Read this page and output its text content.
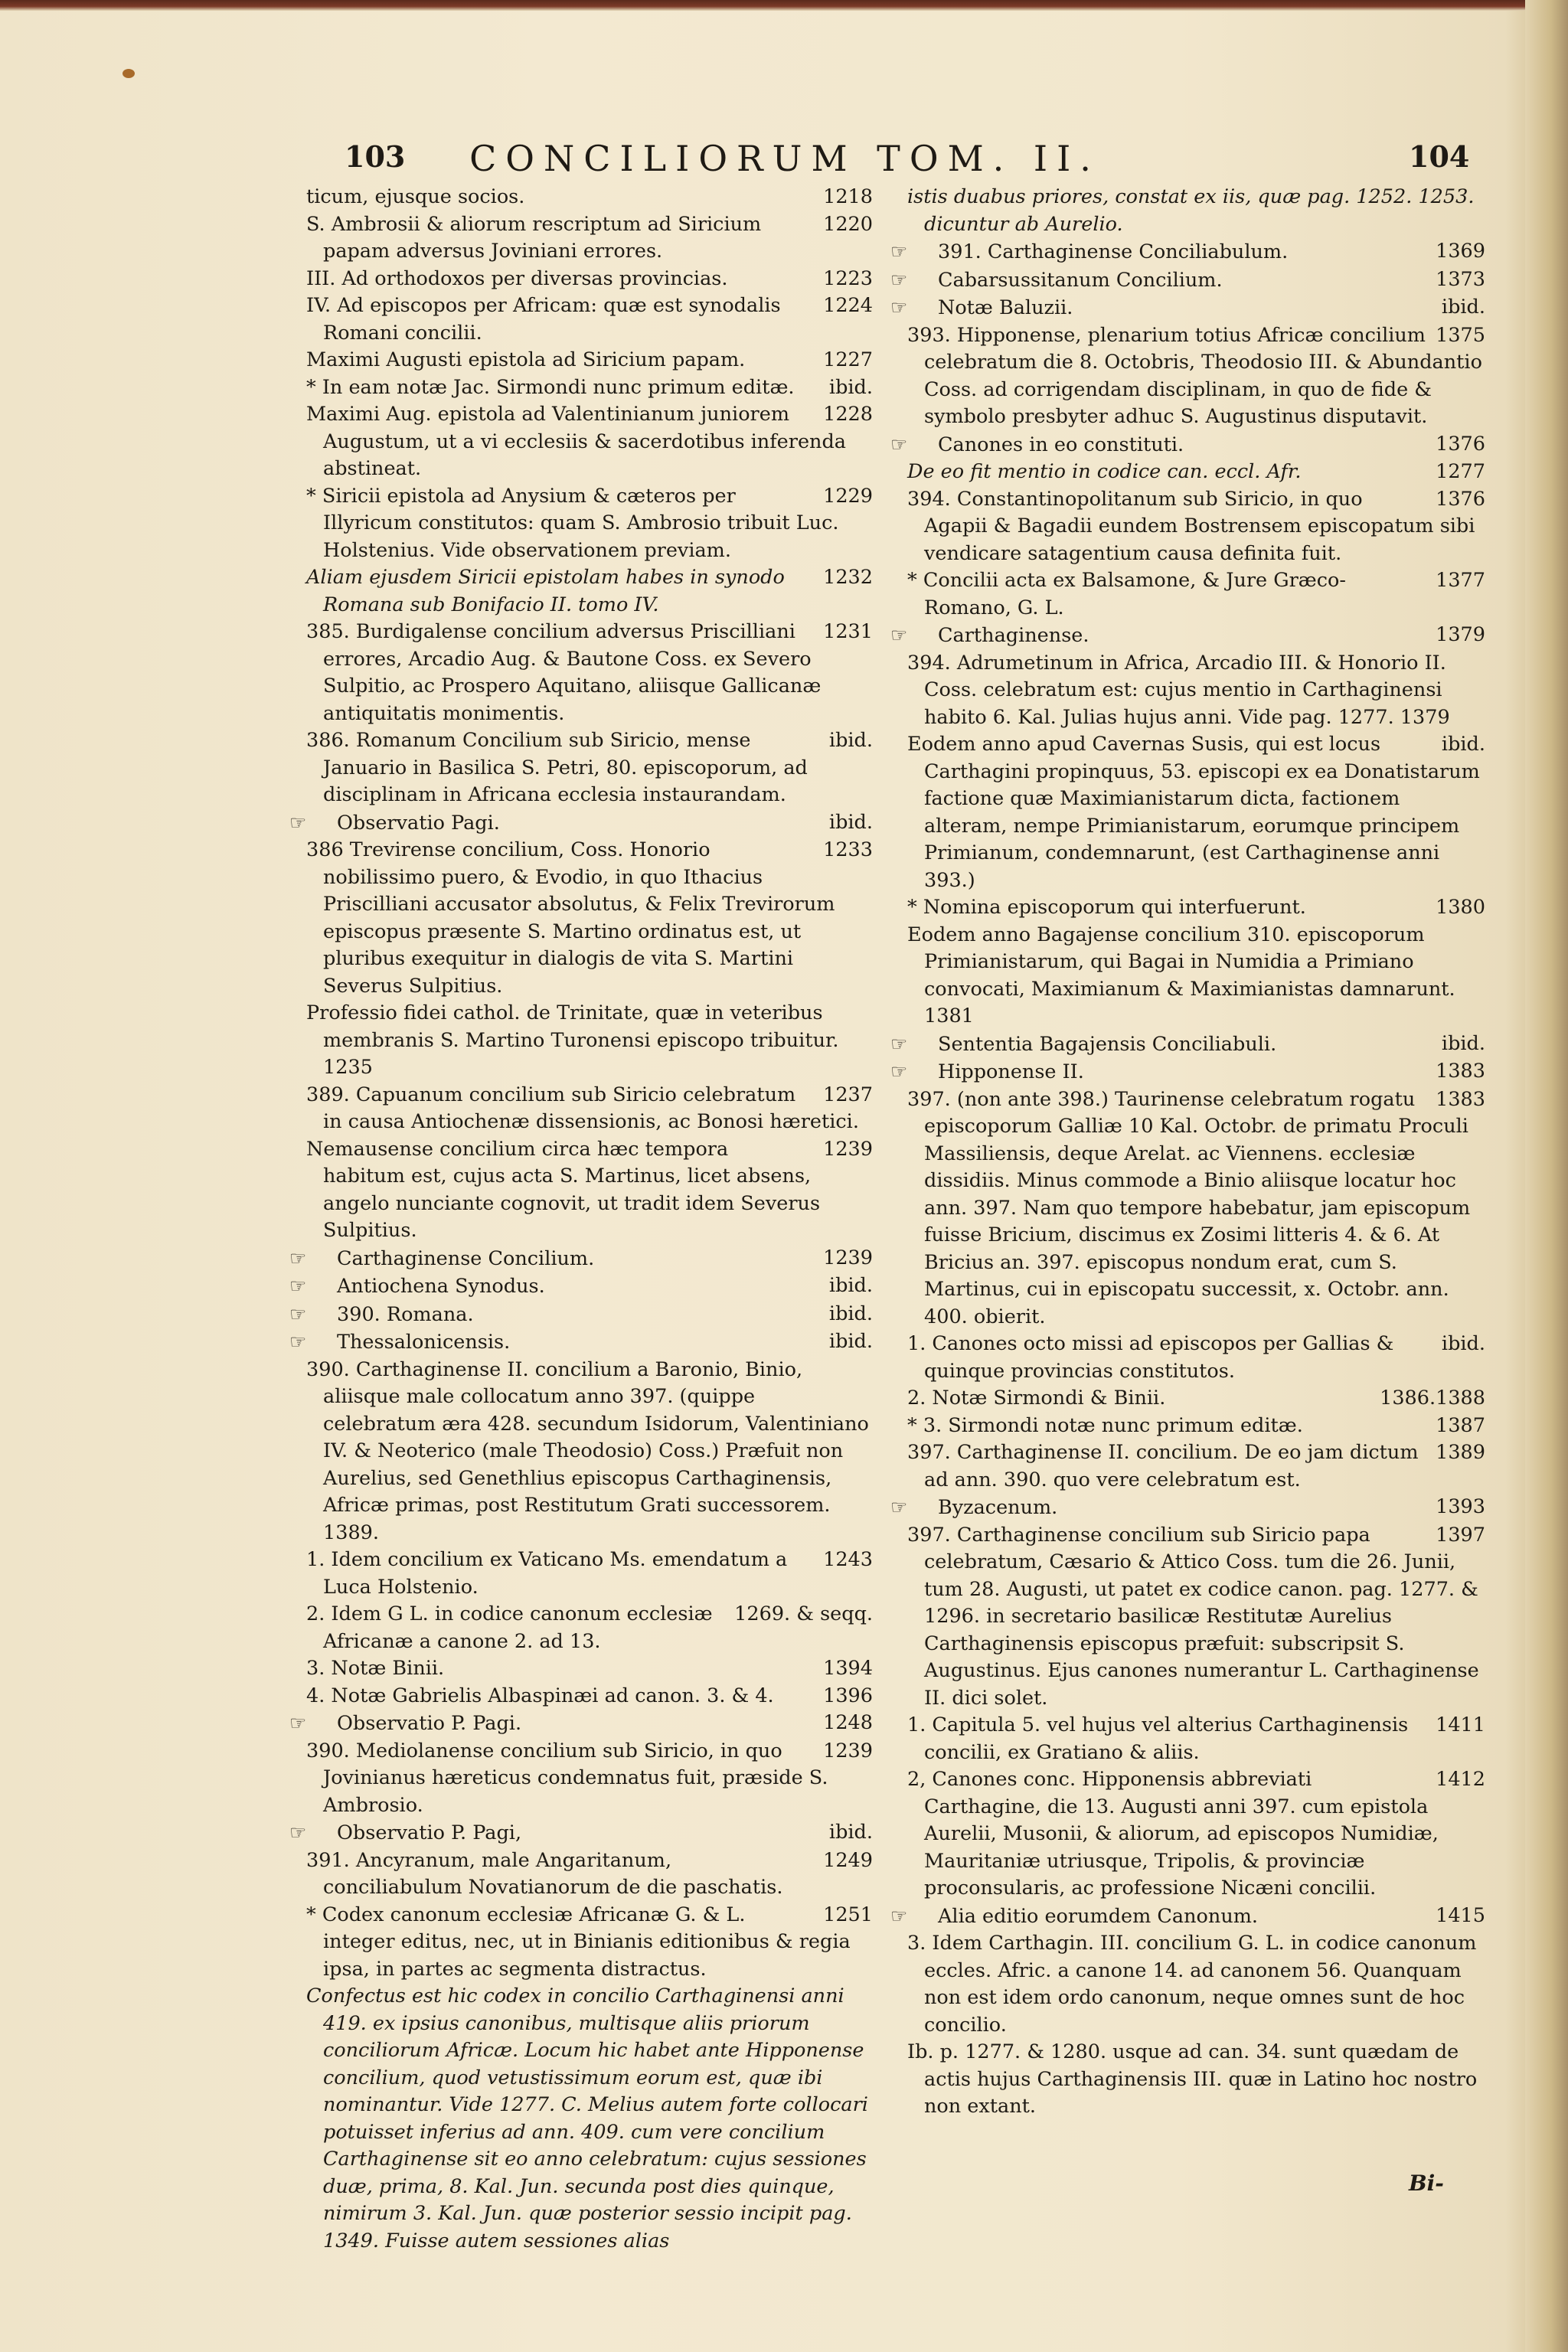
103	CONCILIORUM TOM. II.	104

1218
ticum, ejusque socios.

1220
S. Ambrosii & aliorum rescriptum ad Siricium papam adversus Joviniani errores.

1223
III. Ad orthodoxos per diversas provincias.

1224
IV. Ad episcopos per Africam: quæ est synodalis Romani concilii.

1227
Maximi Augusti epistola ad Siricium papam.

ibid.
* In eam notæ Jac. Sirmondi nunc primum editæ.

1228
Maximi Aug. epistola ad Valentinianum juniorem Augustum, ut a vi ecclesiis & sacerdotibus inferenda abstineat.

1229
* Siricii epistola ad Anysium & cæteros per Illyricum constitutos: quam S. Ambrosio tribuit Luc. Holstenius. Vide observationem previam.

1232
Aliam ejusdem Siricii epistolam habes in synodo Romana sub Bonifacio II. tomo IV.

1231
385. Burdigalense concilium adversus Priscilliani errores, Arcadio Aug. & Bautone Coss. ex Severo Sulpitio, ac Prospero Aquitano, aliisque Gallicanæ antiquitatis monimentis.

ibid.
386. Romanum Concilium sub Siricio, mense Januario in Basilica S. Petri, 80. episcoporum, ad disciplinam in Africana ecclesia instaurandam.

ibid.
☞ Observatio Pagi.

1233
386 Trevirense concilium, Coss. Honorio nobilissimo puero, & Evodio, in quo Ithacius Priscilliani accusator absolutus, & Felix Trevirorum episcopus præsente S. Martino ordinatus est, ut pluribus exequitur in dialogis de vita S. Martini Severus Sulpitius.

Professio fidei cathol. de Trinitate, quæ in veteribus membranis S. Martino Turonensi episcopo tribuitur. 1235

1237
389. Capuanum concilium sub Siricio celebratum in causa Antiochenæ dissensionis, ac Bonosi hæretici.

1239
Nemausense concilium circa hæc tempora habitum est, cujus acta S. Martinus, licet absens, angelo nunciante cognovit, ut tradit idem Severus Sulpitius.

1239
☞ Carthaginense Concilium.

ibid.
☞ Antiochena Synodus.

ibid.
☞ 390. Romana.

ibid.
☞ Thessalonicensis.

390. Carthaginense II. concilium a Baronio, Binio, aliisque male collocatum anno 397. (quippe celebratum æra 428. secundum Isidorum, Valentiniano IV. & Neoterico (male Theodosio) Coss.) Præfuit non Aurelius, sed Genethlius episcopus Carthaginensis, Africæ primas, post Restitutum Grati successorem. 1389.

1243
1. Idem concilium ex Vaticano Ms. emendatum a Luca Holstenio.

1269. & seqq.
2. Idem G L. in codice canonum ecclesiæ Africanæ a canone 2. ad 13.

1394
3. Notæ Binii.

1396
4. Notæ Gabrielis Albaspinæi ad canon. 3. & 4.

1248
☞ Observatio P. Pagi.

1239
390. Mediolanense concilium sub Siricio, in quo Jovinianus hæreticus condemnatus fuit, præside S. Ambrosio.

ibid.
☞ Observatio P. Pagi,

1249
391. Ancyranum, male Angaritanum, conciliabulum Novatianorum de die paschatis.

1251
* Codex canonum ecclesiæ Africanæ G. & L. integer editus, nec, ut in Binianis editionibus & regia ipsa, in partes ac segmenta distractus.

Confectus est hic codex in concilio Carthaginensi anni 419. ex ipsius canonibus, multisque aliis priorum conciliorum Africæ. Locum hic habet ante Hipponense concilium, quod vetustissimum eorum est, quæ ibi nominantur. Vide 1277. C. Melius autem forte collocari potuisset inferius ad ann. 409. cum vere concilium Carthaginense sit eo anno celebratum: cujus sessiones duæ, prima, 8. Kal. Jun. secunda post dies quinque, nimirum 3. Kal. Jun. quæ posterior sessio incipit pag. 1349. Fuisse autem sessiones alias

istis duabus priores, constat ex iis, quæ pag. 1252. 1253. dicuntur ab Aurelio.

1369
☞ 391. Carthaginense Conciliabulum.

1373
☞ Cabarsussitanum Concilium.

ibid.
☞ Notæ Baluzii.

1375
393. Hipponense, plenarium totius Africæ concilium celebratum die 8. Octobris, Theodosio III. & Abundantio Coss. ad corrigendam disciplinam, in quo de fide & symbolo presbyter adhuc S. Augustinus disputavit.

1376
☞ Canones in eo constituti.

1277
De eo fit mentio in codice can. eccl. Afr.

1376
394. Constantinopolitanum sub Siricio, in quo Agapii & Bagadii eundem Bostrensem episcopatum sibi vendicare satagentium causa definita fuit.

1377
* Concilii acta ex Balsamone, & Jure Græco-Romano, G. L.

1379
☞ Carthaginense.

394. Adrumetinum in Africa, Arcadio III. & Honorio II. Coss. celebratum est: cujus mentio in Carthaginensi habito 6. Kal. Julias hujus anni. Vide pag. 1277. 1379

ibid.
Eodem anno apud Cavernas Susis, qui est locus Carthagini propinquus, 53. episcopi ex ea Donatistarum factione quæ Maximianistarum dicta, factionem alteram, nempe Primianistarum, eorumque principem Primianum, condemnarunt, (est Carthaginense anni 393.)

1380
* Nomina episcoporum qui interfuerunt.

Eodem anno Bagajense concilium 310. episcoporum Primianistarum, qui Bagai in Numidia a Primiano convocati, Maximianum & Maximianistas damnarunt. 1381

ibid.
☞ Sententia Bagajensis Conciliabuli.

1383
☞ Hipponense II.

1383
397. (non ante 398.) Taurinense celebratum rogatu episcoporum Galliæ 10 Kal. Octobr. de primatu Proculi Massiliensis, deque Arelat. ac Viennens. ecclesiæ dissidiis. Minus commode a Binio aliisque locatur hoc ann. 397. Nam quo tempore habebatur, jam episcopum fuisse Bricium, discimus ex Zosimi litteris 4. & 6. At Bricius an. 397. episcopus nondum erat, cum S. Martinus, cui in episcopatu successit, x. Octobr. ann. 400. obierit.

ibid.
1. Canones octo missi ad episcopos per Gallias & quinque provincias constitutos.

1386.1388
2. Notæ Sirmondi & Binii.

1387
* 3. Sirmondi notæ nunc primum editæ.

1389
397. Carthaginense II. concilium. De eo jam dictum ad ann. 390. quo vere celebratum est.

1393
☞ Byzacenum.

1397
397. Carthaginense concilium sub Siricio papa celebratum, Cæsario & Attico Coss. tum die 26. Junii, tum 28. Augusti, ut patet ex codice canon. pag. 1277. & 1296. in secretario basilicæ Restitutæ Aurelius Carthaginensis episcopus præfuit: subscripsit S. Augustinus. Ejus canones numerantur L. Carthaginense II. dici solet.

1411
1. Capitula 5. vel hujus vel alterius Carthaginensis concilii, ex Gratiano & aliis.

1412
2, Canones conc. Hipponensis abbreviati Carthagine, die 13. Augusti anni 397. cum epistola Aurelii, Musonii, & aliorum, ad episcopos Numidiæ, Mauritaniæ utriusque, Tripolis, & provinciæ proconsularis, ac professione Nicæni concilii.

1415
☞ Alia editio eorumdem Canonum.

3. Idem Carthagin. III. concilium G. L. in codice canonum eccles. Afric. a canone 14. ad canonem 56. Quanquam non est idem ordo canonum, neque omnes sunt de hoc concilio.

Ib. p. 1277. & 1280. usque ad can. 34. sunt quædam de actis hujus Carthaginensis III. quæ in Latino hoc nostro non extant.

Bi-
